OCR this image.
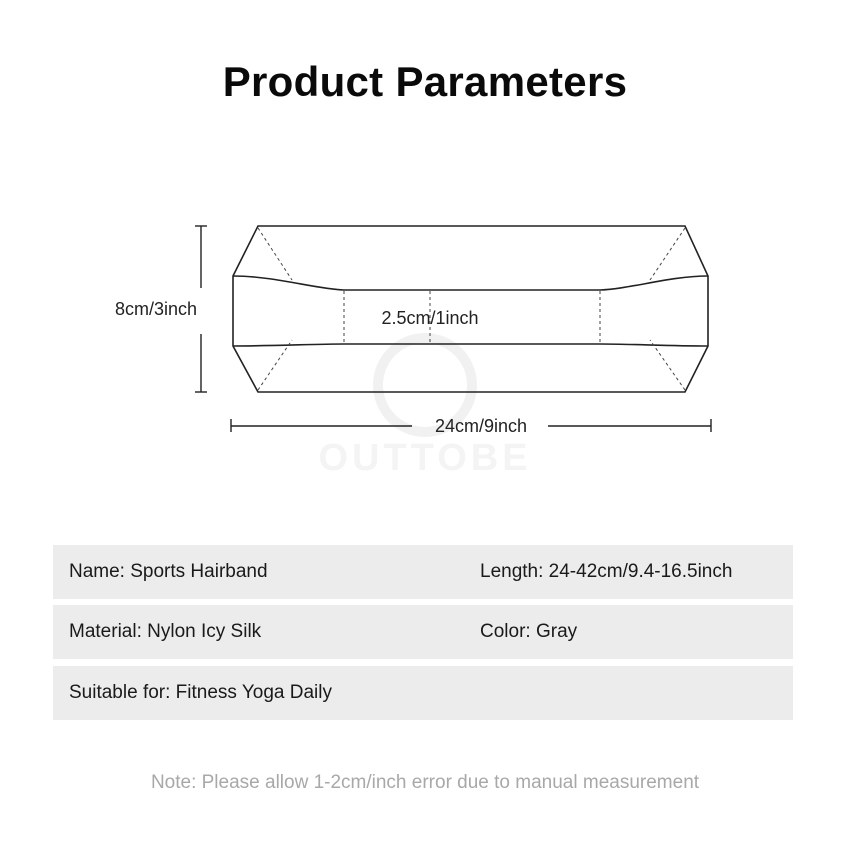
Product Parameters
OUTTOBE
8cm/3inch	2.5cm/1inch
24cm/9inch
Name: Sports Hairband	Length: 24-42cm/9.4-16.5inch
Material: Nylon Icy Silk	Color: Gray
Suitable for: Fitness Yoga Daily
Note: Please allow 1-2cm/inch error due to manual measurement
